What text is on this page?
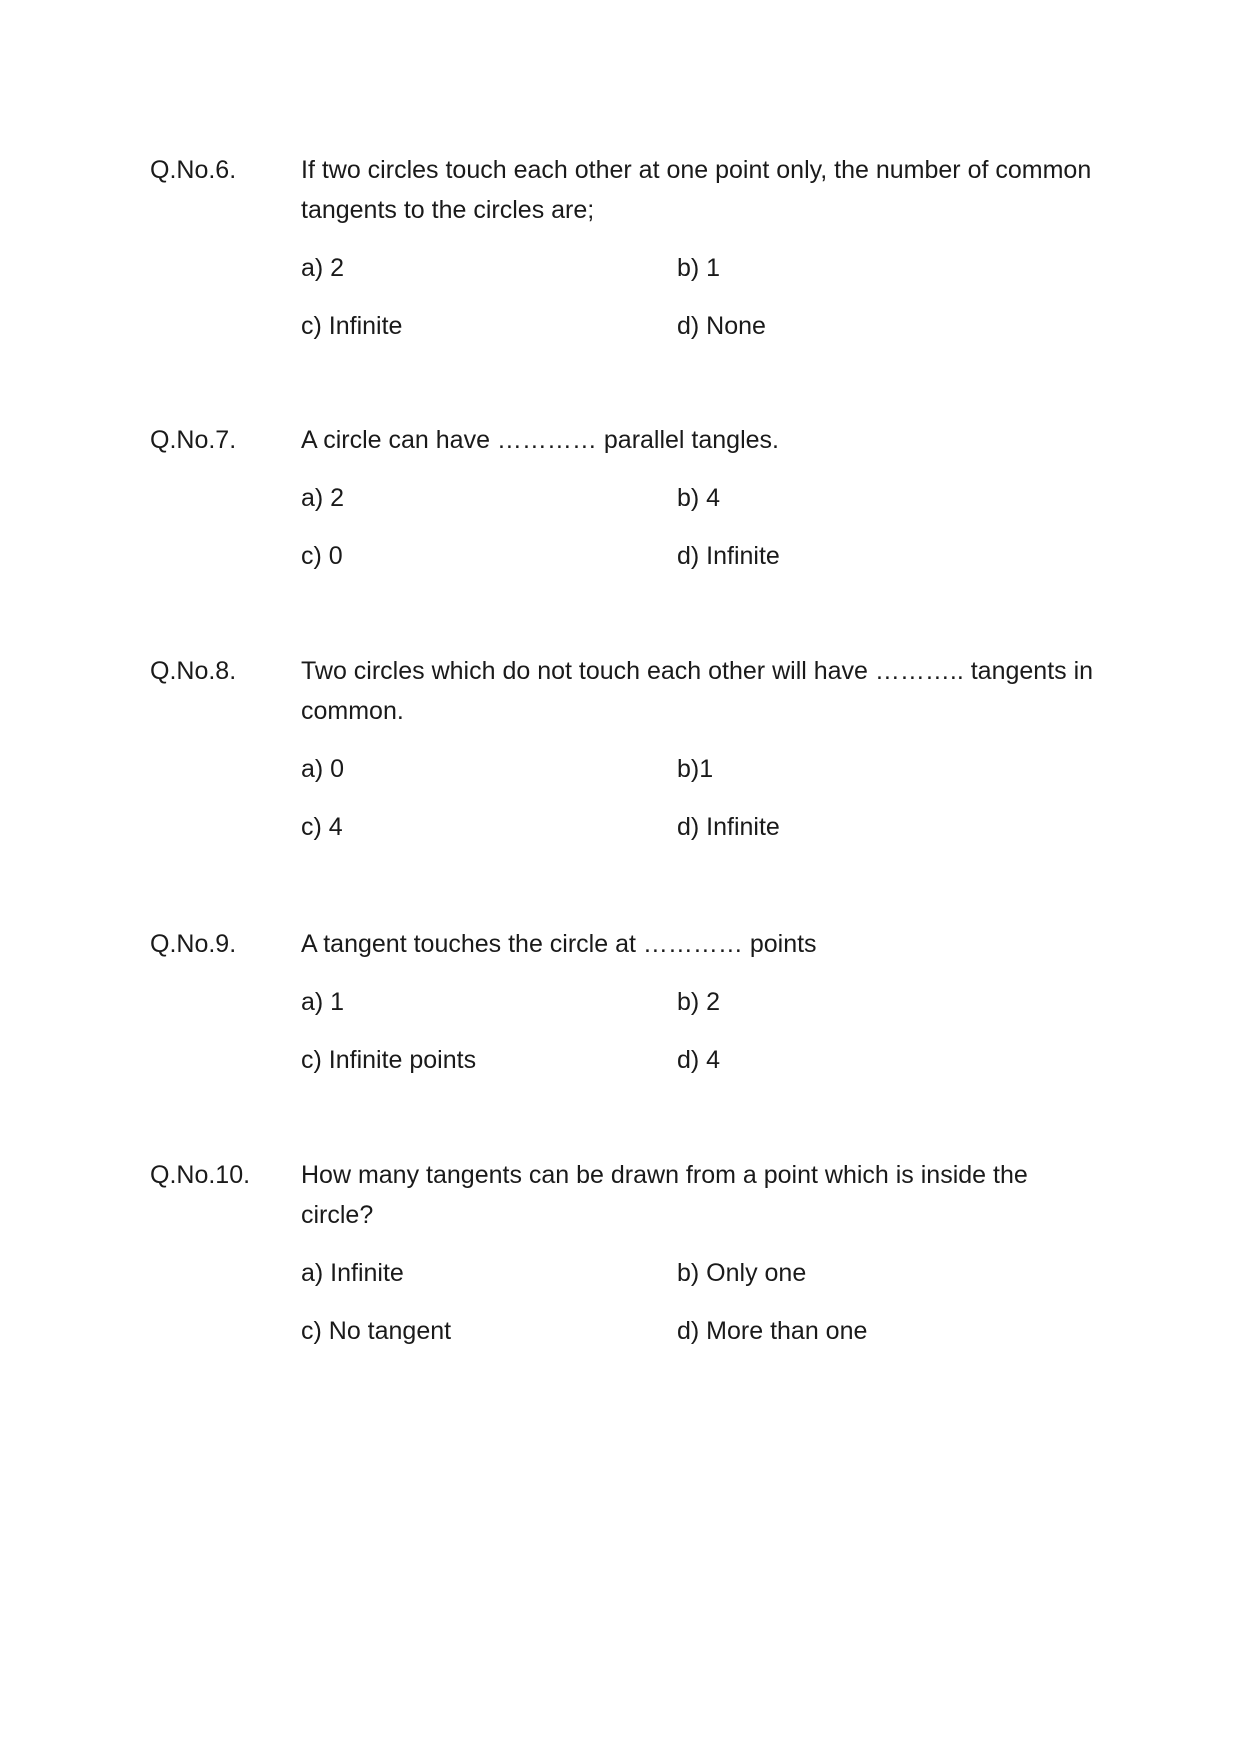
Q.No.6.	If two circles touch each other at one point only, the number of common tangents to the circles are;
a) 2	b) 1
c) Infinite	d) None
Q.No.7.	A circle can have ………… parallel tangles.
a) 2	b) 4
c) 0	d) Infinite
Q.No.8.	Two circles which do not touch each other will have ……….. tangents in common.
a) 0	b)1
c) 4	d) Infinite
Q.No.9.	A tangent touches the circle at ………… points
a) 1	b) 2
c) Infinite points	d) 4
Q.No.10. How many tangents can be drawn from a point which is inside the circle?
a) Infinite	b) Only one
c) No tangent	d) More than one
